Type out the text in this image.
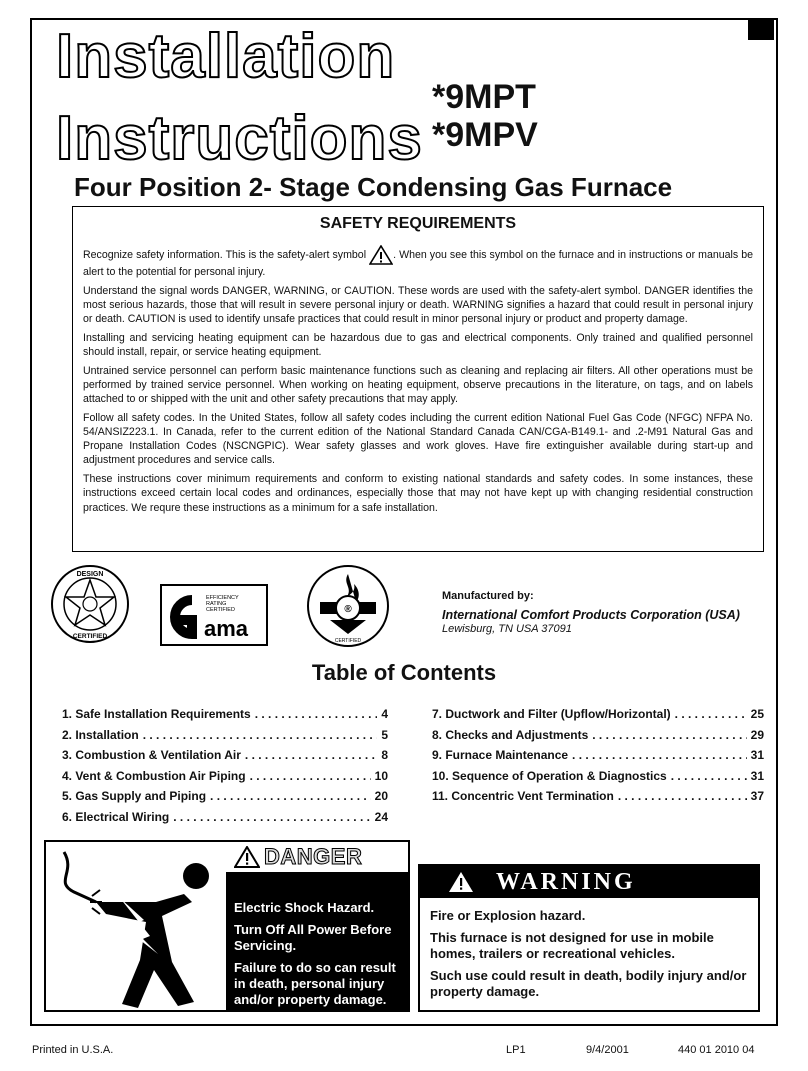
Installation
Instructions
*9MPT
*9MPV
Four Position 2- Stage Condensing Gas Furnace
SAFETY REQUIREMENTS

Recognize safety information. This is the safety-alert symbol	. When you see this symbol on the furnace and in instructions or manuals be alert to the potential for personal injury.

Understand the signal words DANGER, WARNING, or CAUTION. These words are used with the safety-alert symbol. DANGER identifies the most serious hazards, those that will result in severe personal injury or death. WARNING signifies a hazard that could result in personal injury or death. CAUTION is used to identify unsafe practices that could result in minor personal injury or product and property damage.

Installing and servicing heating equipment can be hazardous due to gas and electrical components. Only trained and qualified personnel should install, repair, or service heating equipment.

Untrained service personnel can perform basic maintenance functions such as cleaning and replacing air filters. All other operations must be performed by trained service personnel. When working on heating equipment, observe precautions in the literature, on tags, and on labels attached to or shipped with the unit and other safety precautions that may apply.

Follow all safety codes. In the United States, follow all safety codes including the current edition National Fuel Gas Code (NFGC) NFPA No. 54/ANSIZ223.1. In Canada, refer to the current edition of the National Standard Canada CAN/CGA-B149.1- and .2-M91 Natural Gas and Propane Installation Codes (NSCNGPIC). Wear safety glasses and work gloves. Have fire extinguisher available during start-up and adjustment procedures and service calls.

These instructions cover minimum requirements and conform to existing national standards and safety codes. In some instances, these instructions exceed certain local codes and ordinances, especially those that may not have kept up with changing residential construction practices. We requre these instructions as a minimum for a safe installation.

DESIGN
CERTIFIED
EFFICIENCY
RATING
CERTIFIED
ama
®
CERTIFIED
Manufactured by:
International Comfort Products Corporation (USA)
Lewisburg, TN USA 37091
Table of Contents
1. Safe Installation Requirements . . .	4
2. Installation . . .	5
3. Combustion & Ventilation Air . . .	8
4. Vent & Combustion Air Piping . . .	10
5. Gas Supply and Piping . . .	20
6. Electrical Wiring . . .	24
7. Ductwork and Filter (Upflow/Horizontal) . . .	25
8. Checks and Adjustments . . .	29
9. Furnace Maintenance . . .	31
10. Sequence of Operation & Diagnostics . . .	31
11. Concentric Vent Termination . . .	37
DANGER
Electric Shock Hazard.
Turn Off All Power Before Servicing.
Failure to do so can result in death, personal injury and/or property damage.
WARNING
Fire or Explosion hazard.
This furnace is not designed for use in mobile homes, trailers or recreational vehicles.
Such use could result in death, bodily injury and/or property damage.
Printed in U.S.A.	LP1	9/4/2001	440 01 2010 04
